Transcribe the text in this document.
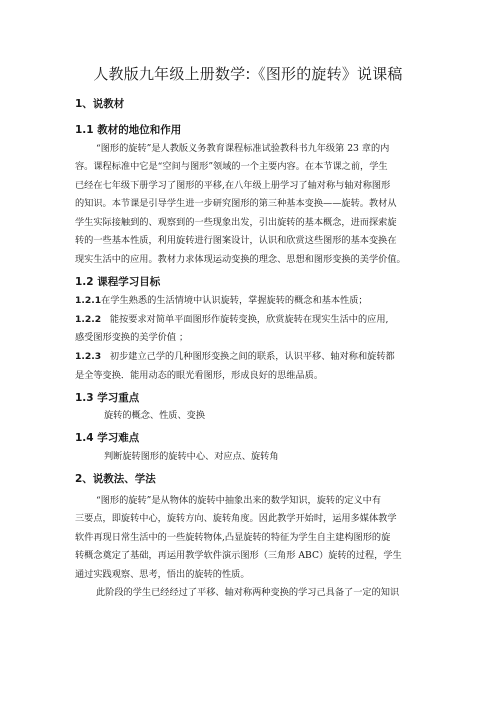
人教版九年级上册数学:《图形的旋转》说课稿
1、说教材
1.1 教材的地位和作用
“图形的旋转”是人教版义务教育课程标准试验教科书九年级第 23 章的内
容。课程标准中它是“空间与图形”领域的一个主要内容。在本节课之前，学生
已经在七年级下册学习了图形的平移,在八年级上册学习了轴对称与轴对称图形
的知识。本节课是引导学生进一步研究图形的第三种基本变换——旋转。教材从
学生实际接触到的、观察到的一些现象出发，引出旋转的基本概念，进而探索旋
转的一些基本性质，利用旋转进行图案设计，认识和欣赏这些图形的基本变换在
现实生活中的应用。教材力求体现运动变换的理念、思想和图形变换的美学价值。
1.2 课程学习目标
1.2.1在学生熟悉的生活情境中认识旋转，掌握旋转的概念和基本性质；
1.2.2   能按要求对简单平面图形作旋转变换，欣赏旋转在现实生活中的应用,
感受图形变换的美学价值 ；
1.2.3   初步建立己学的几种图形变换之间的联系，认识平移、轴对称和旋转都
是全等变换．能用动态的眼光看图形，形成良好的思维品质。
1.3 学习重点
旋转的概念、性质、变换
1.4 学习难点
判断旋转图形的旋转中心、对应点、旋转角
2、说教法、学法
“图形的旋转”是从物体的旋转中抽象出来的数学知识，旋转的定义中有
三要点，即旋转中心，旋转方向、旋转角度。因此教学开始时，运用多媒体教学
软件再现日常生活中的一些旋转物体,凸显旋转的特征为学生自主建构图形的旋
转概念奠定了基础，再运用教学软件演示图形（三角形 ABC）旋转的过程，学生
通过实践观察、思考，悟出的旋转的性质。
此阶段的学生已经经过了平移、轴对称两种变换的学习己具备了一定的知识
